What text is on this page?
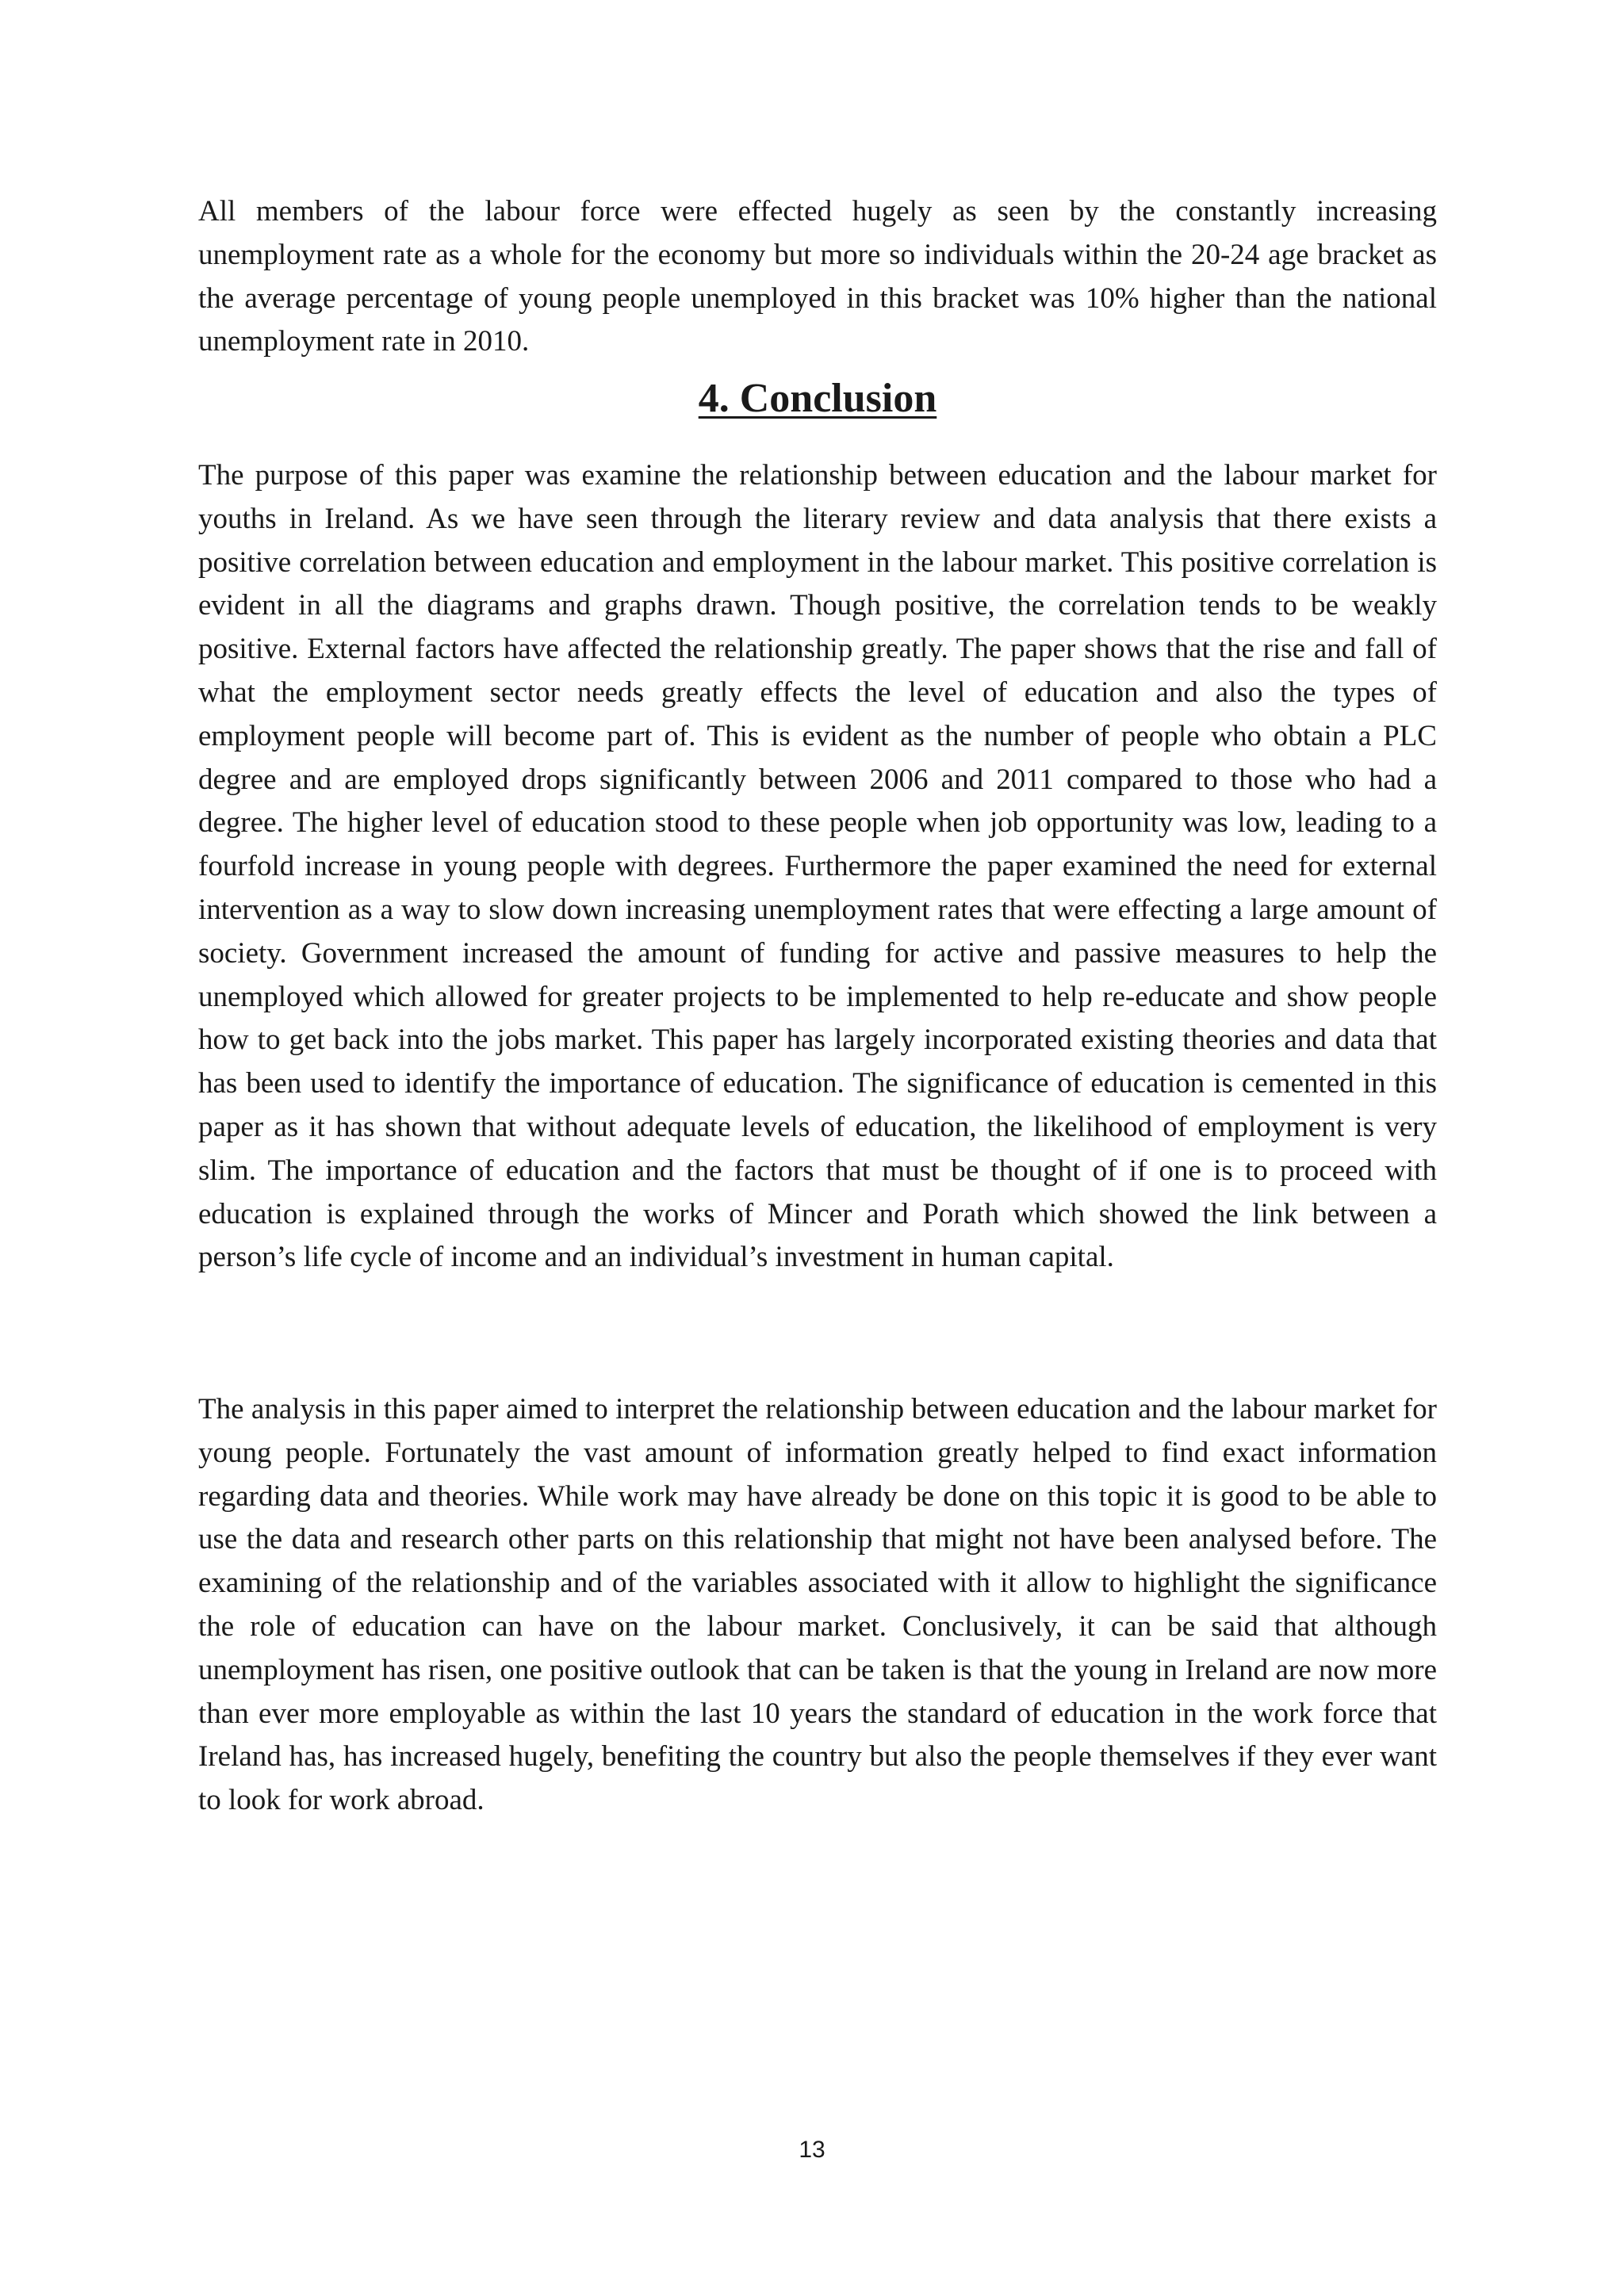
All members of the labour force were effected hugely as seen by the constantly increasing unemployment rate as a whole for the economy but more so individuals within the 20-24 age bracket as the average percentage of young people unemployed in this bracket was 10% higher than the national unemployment rate in 2010.

4. Conclusion

The purpose of this paper was examine the relationship between education and the labour market for youths in Ireland. As we have seen through the literary review and data analysis that there exists a positive correlation between education and employment in the labour market. This positive correlation is evident in all the diagrams and graphs drawn. Though positive, the correlation tends to be weakly positive. External factors have affected the relationship greatly. The paper shows that the rise and fall of what the employment sector needs greatly effects the level of education and also the types of employment people will become part of. This is evident as the number of people who obtain a PLC degree and are employed drops significantly between 2006 and 2011 compared to those who had a degree. The higher level of education stood to these people when job opportunity was low, leading to a fourfold increase in young people with degrees. Furthermore the paper examined the need for external intervention as a way to slow down increasing unemployment rates that were effecting a large amount of society. Government increased the amount of funding for active and passive measures to help the unemployed which allowed for greater projects to be implemented to help re-educate and show people how to get back into the jobs market. This paper has largely incorporated existing theories and data that has been used to identify the importance of education. The significance of education is cemented in this paper as it has shown that without adequate levels of education, the likelihood of employment is very slim. The importance of education and the factors that must be thought of if one is to proceed with education is explained through the works of Mincer and Porath which showed the link between a person’s life cycle of income and an individual’s investment in human capital.

The analysis in this paper aimed to interpret the relationship between education and the labour market for young people. Fortunately the vast amount of information greatly helped to find exact information regarding data and theories. While work may have already be done on this topic it is good to be able to use the data and research other parts on this relationship that might not have been analysed before. The examining of the relationship and of the variables associated with it allow to highlight the significance the role of education can have on the labour market. Conclusively, it can be said that although unemployment has risen, one positive outlook that can be taken is that the young in Ireland are now more than ever more employable as within the last 10 years the standard of education in the work force that Ireland has, has increased hugely, benefiting the country but also the people themselves if they ever want to look for work abroad.

13
